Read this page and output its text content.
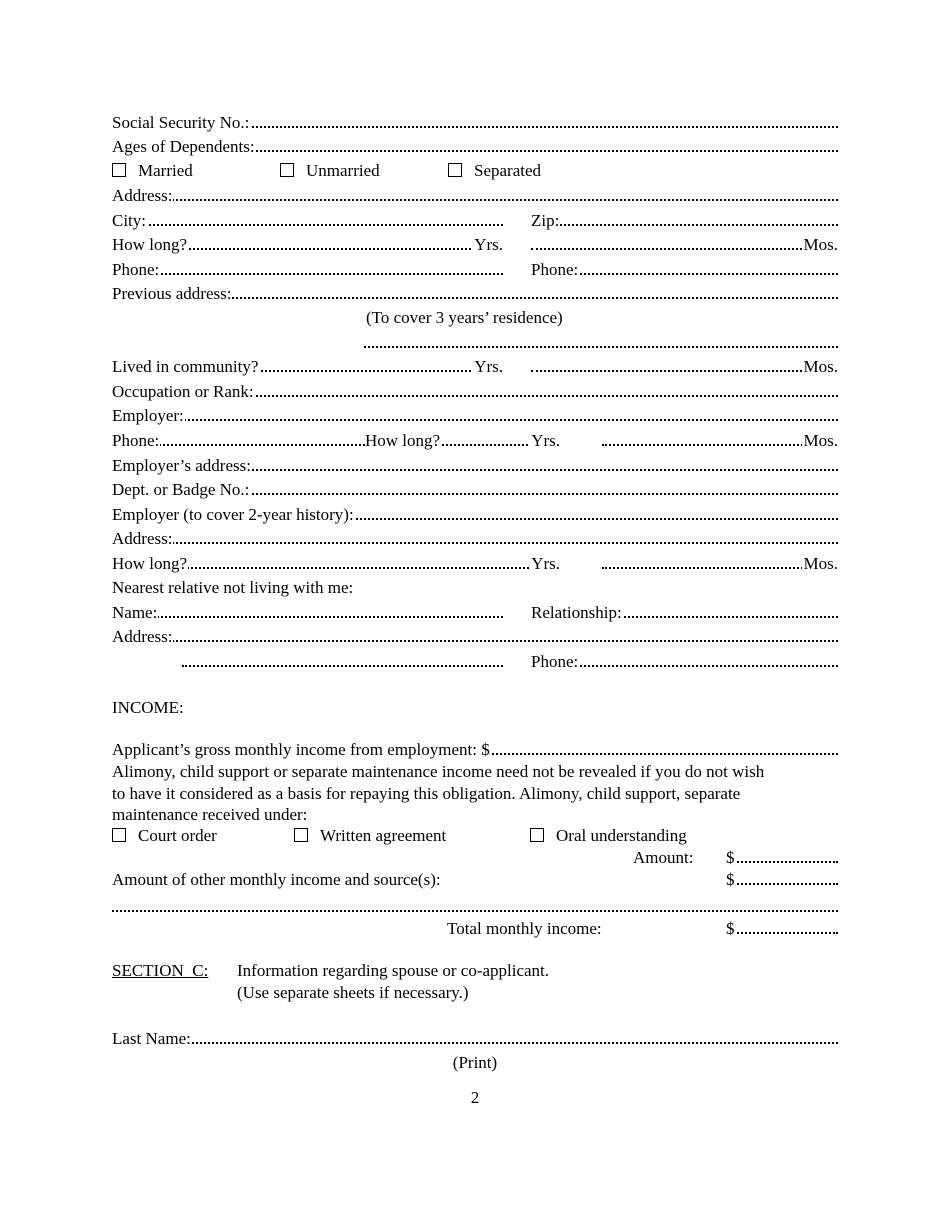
Social Security No.:
Ages of Dependents:
Married	Unmarried	Separated
Address:
City:	Zip:
How long?	Yrs.	Mos.
Phone:	Phone:
Previous address:
(To cover 3 years’ residence)
Lived in community?	Yrs.	Mos.
Occupation or Rank:
Employer:
Phone:	How long?	Yrs.	Mos.
Employer’s address:
Dept. or Badge No.:
Employer (to cover 2-year history):
Address:
How long?	Yrs.	Mos.
Nearest relative not living with me:
Name:	Relationship:
Address:
Phone:
INCOME:
Applicant’s gross monthly income from employment: $
Alimony, child support or separate maintenance income need not be revealed if you do not wish
to have it considered as a basis for repaying this obligation. Alimony, child support, separate
maintenance received under:
Court order	Written agreement	Oral understanding
Amount: $
Amount of other monthly income and source(s):	$
Total monthly income:	$
SECTION  C: Information regarding spouse or co-applicant.
(Use separate sheets if necessary.)
Last Name:
(Print)
2
